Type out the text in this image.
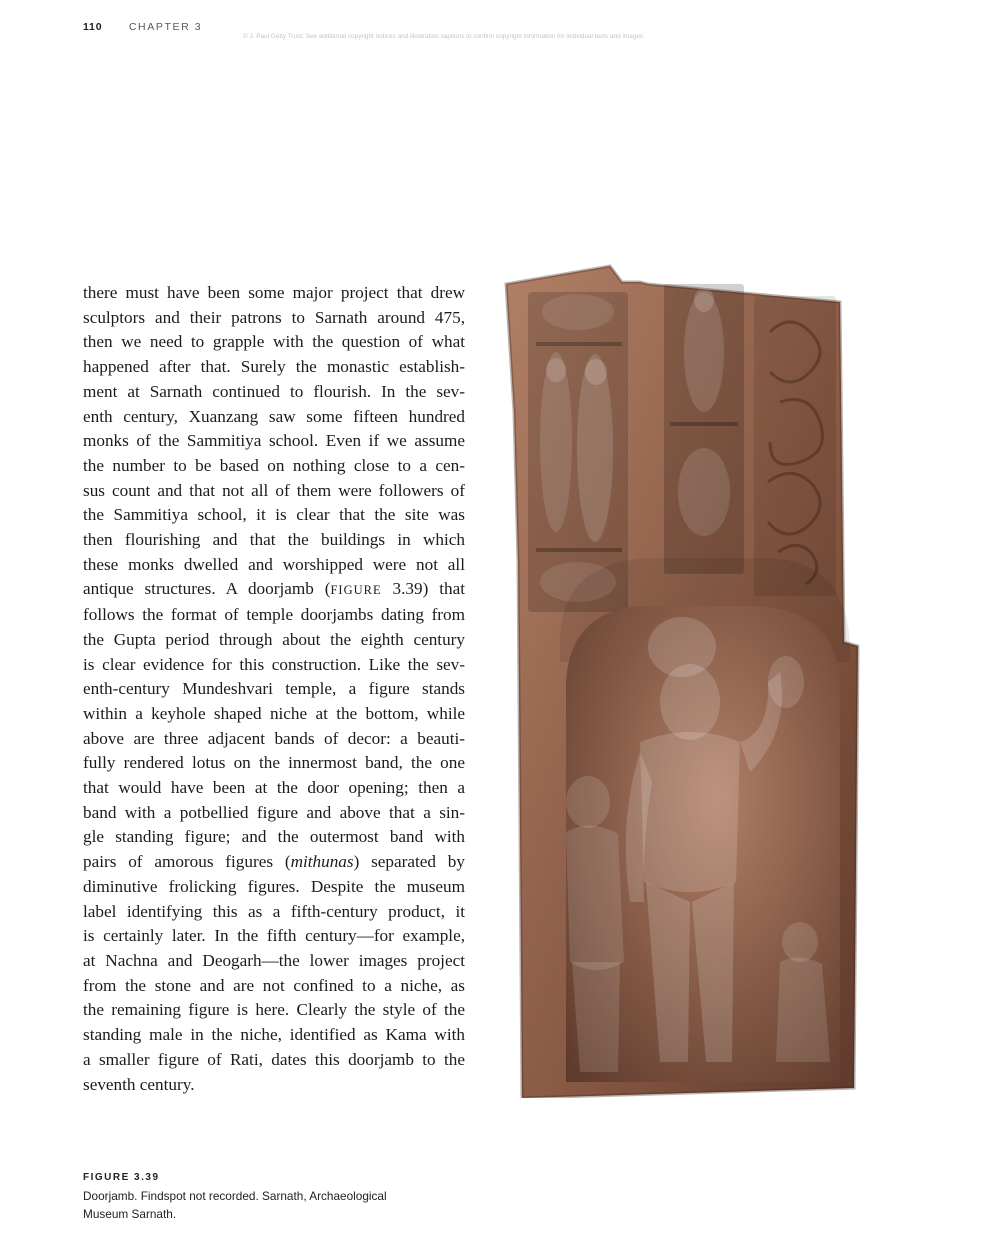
110	CHAPTER 3
© J. Paul Getty Trust: See additional copyright notices and illustration captions to confirm copyright information for individual texts and images
there must have been some major project that drew
sculptors and their patrons to Sarnath around 475,
then we need to grapple with the question of what
happened after that. Surely the monastic establish-
ment at Sarnath continued to flourish. In the sev-
enth century, Xuanzang saw some fifteen hundred
monks of the Sammitiya school. Even if we assume
the number to be based on nothing close to a cen-
sus count and that not all of them were followers of
the Sammitiya school, it is clear that the site was
then flourishing and that the buildings in which
these monks dwelled and worshipped were not all
antique structures. A doorjamb (FIGURE 3.39) that
follows the format of temple doorjambs dating from
the Gupta period through about the eighth century
is clear evidence for this construction. Like the sev-
enth-century Mundeshvari temple, a figure stands
within a keyhole shaped niche at the bottom, while
above are three adjacent bands of decor: a beauti-
fully rendered lotus on the innermost band, the one
that would have been at the door opening; then a
band with a potbellied figure and above that a sin-
gle standing figure; and the outermost band with
pairs of amorous figures (mithunas) separated by
diminutive frolicking figures. Despite the museum
label identifying this as a fifth-century product, it
is certainly later. In the fifth century—for example,
at Nachna and Deogarh—the lower images project
from the stone and are not confined to a niche, as
the remaining figure is here. Clearly the style of the
standing male in the niche, identified as Kama with
a smaller figure of Rati, dates this doorjamb to the
seventh century.
FIGURE 3.39
Doorjamb. Findspot not recorded. Sarnath, Archaeological
Museum Sarnath.
